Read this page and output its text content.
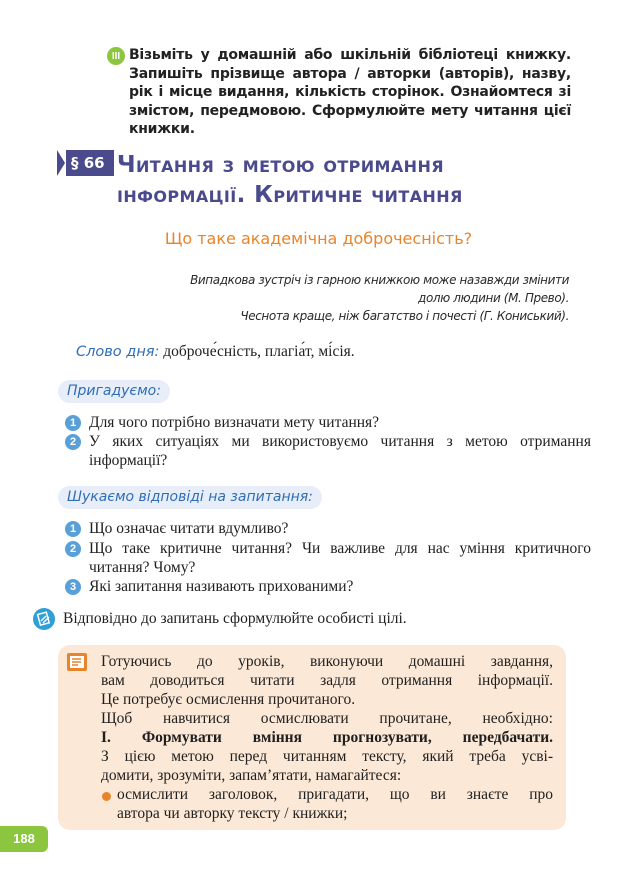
III Візьміть у домашній або шкільній бібліотеці книжку. Запишіть прізвище автора / авторки (авторів), назву, рік і місце видання, кількість сторінок. Ознайомтеся зі змістом, передмовою. Сформулюйте мету читання цієї книжки.
§ 66 Читання з метою отримання
інформації. Критичне читання
Що таке академічна доброчесність?
Випадкова зустріч із гарною книжкою може назавжди змінити
долю людини (М. Прево).
Чеснота краще, ніж багатство і почесті (Г. Кониський).
Слово дня: доброче́сність, плагіа́т, мі́сія.
Пригадуємо:
1 Для чого потрібно визначати мету читання?
2 У яких ситуаціях ми використовуємо читання з метою отримання інформації?
Шукаємо відповіді на запитання:
1 Що означає читати вдумливо?
2 Що таке критичне читання? Чи важливе для нас уміння критичного читання? Чому?
3 Які запитання називають прихованими?
Відповідно до запитань сформулюйте особисті цілі.
Готуючись до уроків, виконуючи домашні завдання,
вам доводиться читати задля отримання інформації.
Це потребує осмислення прочитаного.
Щоб навчитися осмислювати прочитане, необхідно:
І. Формувати вміння прогнозувати, передбачати.
З цією метою перед читанням тексту, який треба усві-
домити, зрозуміти, запам’ятати, намагайтеся:
осмислити заголовок, пригадати, що ви знаєте про
автора чи авторку тексту / книжки;
188
